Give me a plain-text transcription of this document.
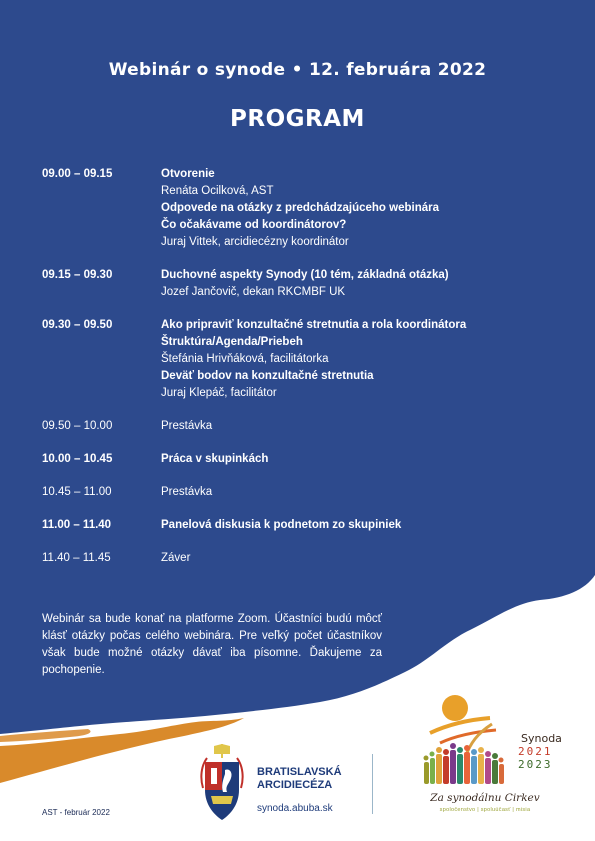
Webinár o synode • 12. februára 2022
PROGRAM
09.00 – 09.15	Otvorenie
Renáta Ocilková, AST
Odpovede na otázky z predchádzajúceho webinára
Čo očakávame od koordinátorov?
Juraj Vittek, arcidiecézny koordinátor
09.15 – 09.30	Duchovné aspekty Synody (10 tém, základná otázka)
Jozef Jančovič, dekan RKCMBF UK
09.30 – 09.50	Ako pripraviť konzultačné stretnutia a rola koordinátora
Štruktúra/Agenda/Priebeh
Štefánia Hrivňáková, facilitátorka
Deväť bodov na konzultačné stretnutia
Juraj Klepáč, facilitátor
09.50 – 10.00	Prestávka
10.00 – 10.45	Práca v skupinkách
10.45 – 11.00	Prestávka
11.00 – 11.40	Panelová diskusia k podnetom zo skupiniek
11.40 – 11.45	Záver
Webinár sa bude konať na platforme Zoom. Účastníci budú môcť klásť otázky počas celého webinára. Pre veľký počet účastníkov však bude možné otázky dávať iba písomne. Ďakujeme za pochopenie.
BRATISLAVSKÁ
ARCIDIECÉZA
synoda.abuba.sk
AST - február 2022
Synoda
2021
2023
Za synodálnu Cirkev
spoločenstvo | spoluúčasť | misia
